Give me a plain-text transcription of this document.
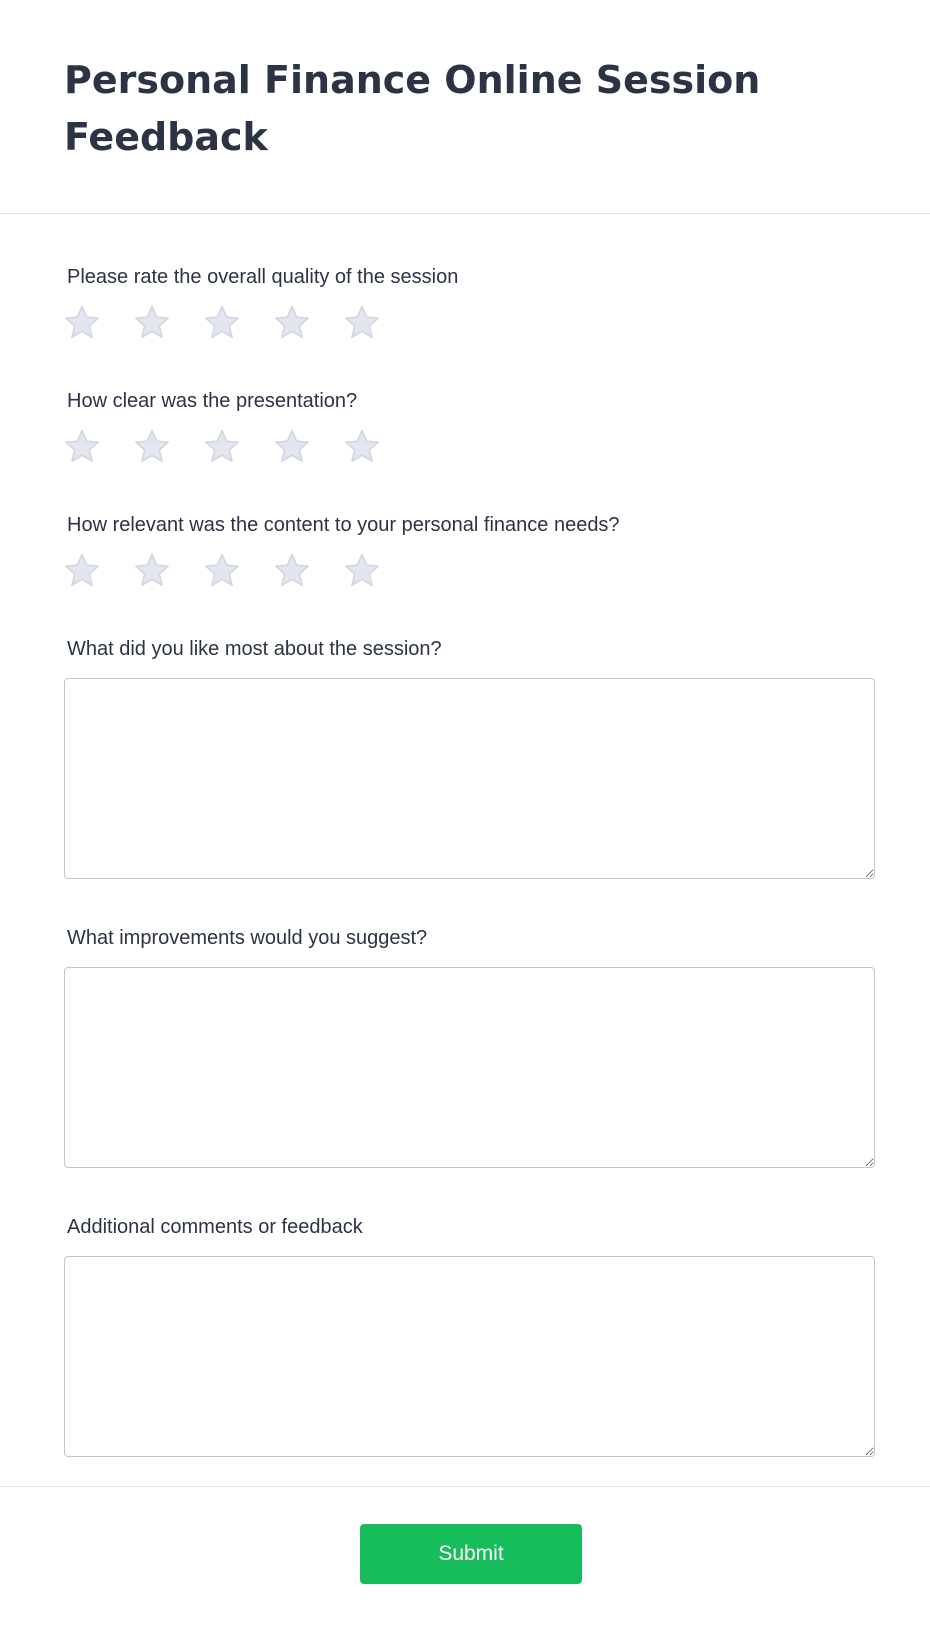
Personal Finance Online Session Feedback
Please rate the overall quality of the session
How clear was the presentation?
How relevant was the content to your personal finance needs?
What did you like most about the session?
What improvements would you suggest?
Additional comments or feedback
Submit
